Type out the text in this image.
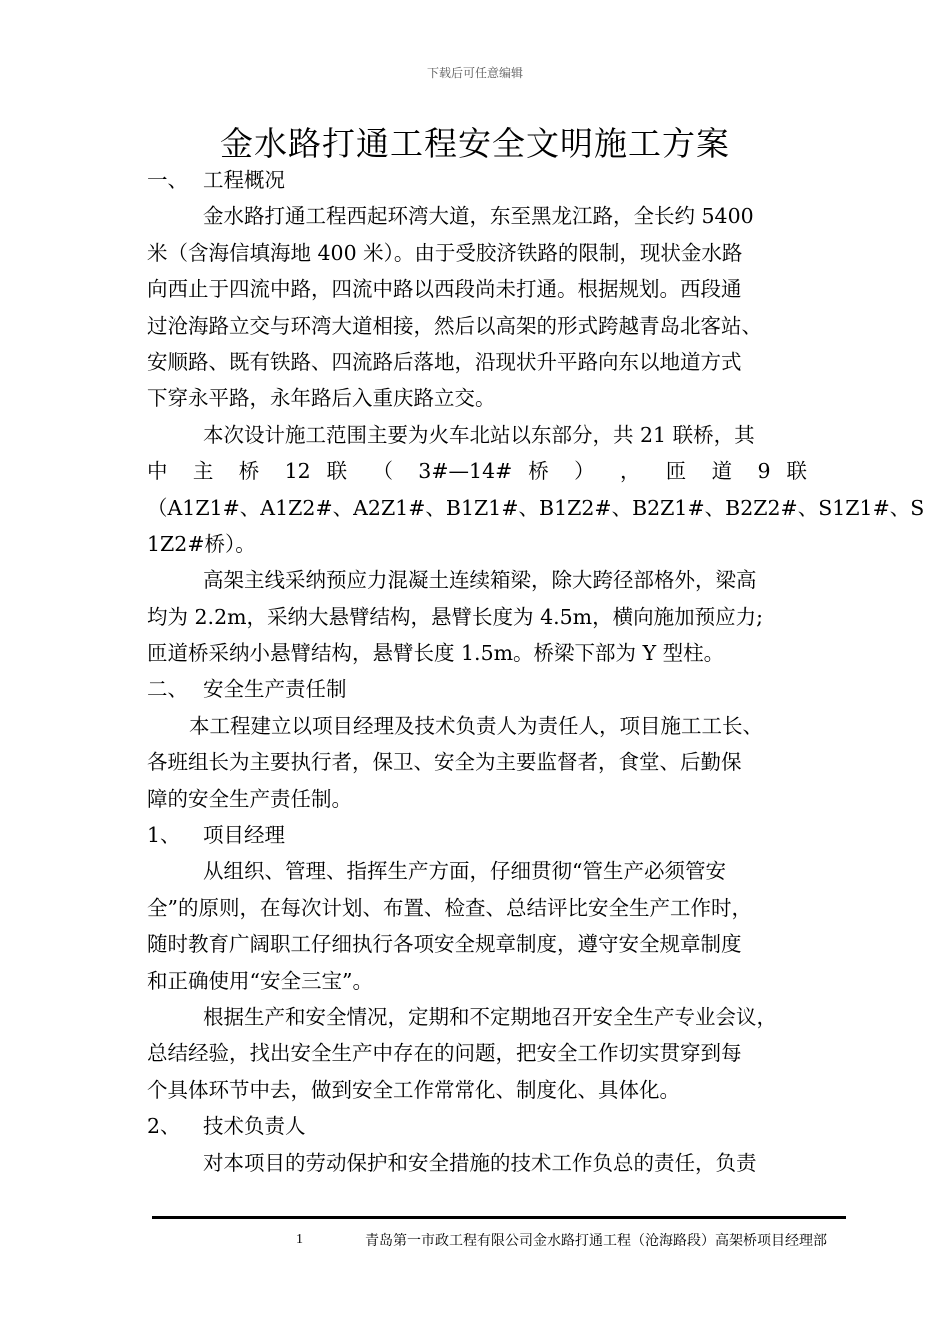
下载后可任意编辑
金水路打通工程安全文明施工方案
一、 工程概况
金水路打通工程西起环湾大道，东至黑龙江路，全长约 5400
米（含海信填海地 400 米）。由于受胶济铁路的限制，现状金水路
向西止于四流中路，四流中路以西段尚未打通。根据规划。西段通
过沧海路立交与环湾大道相接，然后以高架的形式跨越青岛北客站、
安顺路、既有铁路、四流路后落地，沿现状升平路向东以地道方式
下穿永平路，永年路后入重庆路立交。
本次设计施工范围主要为火车北站以东部分，共 21 联桥，其
中 主 桥 12 联 （ 3#—14# 桥 ） ， 匝 道 9 联
（A1Z1#、A1Z2#、A2Z1#、B1Z1#、B1Z2#、B2Z1#、B2Z2#、S1Z1#、S
1Z2#桥）。
高架主线采纳预应力混凝土连续箱梁，除大跨径部格外，梁高
均为 2.2m，采纳大悬臂结构，悬臂长度为 4.5m，横向施加预应力;
匝道桥采纳小悬臂结构，悬臂长度 1.5m。桥梁下部为 Y 型柱。
二、 安全生产责任制
本工程建立以项目经理及技术负责人为责任人，项目施工工长、
各班组长为主要执行者，保卫、安全为主要监督者，食堂、后勤保
障的安全生产责任制。
1、 项目经理
从组织、管理、指挥生产方面，仔细贯彻“管生产必须管安
全”的原则，在每次计划、布置、检查、总结评比安全生产工作时，
随时教育广阔职工仔细执行各项安全规章制度，遵守安全规章制度
和正确使用“安全三宝”。
根据生产和安全情况，定期和不定期地召开安全生产专业会议，
总结经验，找出安全生产中存在的问题，把安全工作切实贯穿到每
个具体环节中去，做到安全工作常常化、制度化、具体化。
2、 技术负责人
对本项目的劳动保护和安全措施的技术工作负总的责任，负责
1	青岛第一市政工程有限公司金水路打通工程（沧海路段）高架桥项目经理部
